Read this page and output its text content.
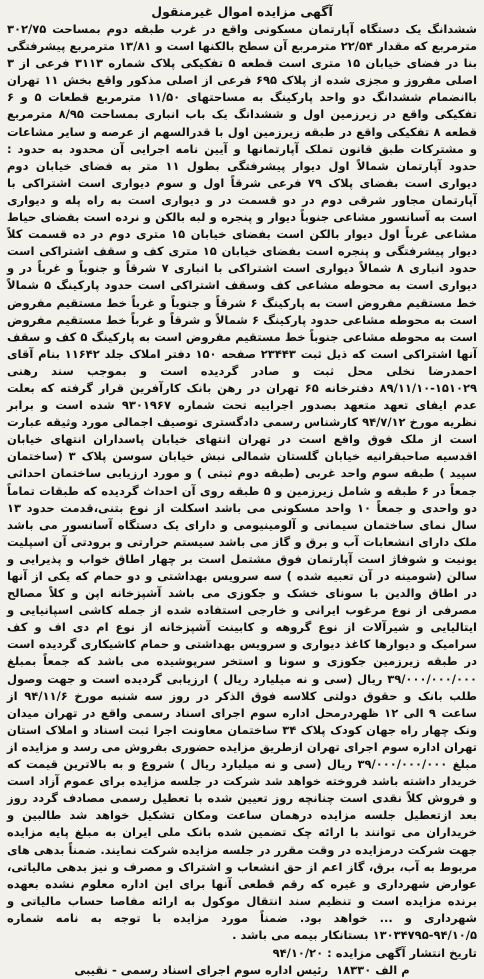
آگهی مزایده اموال غیرمنقول

ششدانگ یک دستگاه آپارتمان مسکونی واقع در غرب طبقه دوم بمساحت ۳۰۲/۷۵ مترمربع که مقدار ۲۲/۵۴ مترمربع آن سطح بالکنها است و ۱۳/۸۱ مترمربع پیشرفتگی بنا در فضای خیابان ۱۵ متری است قطعه ۵ تفکیکی پلاک شماره ۳۱۱۳ فرعی از ۳ اصلی مفروز و مجزی شده از پلاک ۶۹۵ فرعی از اصلی مذکور واقع بخش ۱۱ تهران باانضمام ششدانگ دو واحد پارکینگ به مساحتهای ۱۱/۵۰ مترمربع قطعات ۵ و ۶ تفکیکی واقع در زیرزمین اول و ششدانگ یک باب انباری بمساحت ۸/۹۵ مترمربع قطعه ۸ تفکیکی واقع در طبقه زیرزمین اول با قدرالسهم از عرصه و سایر مشاعات و مشترکات طبق قانون تملک آپارتمانها و آیین نامه اجرایی آن محدود به حدود : حدود آپارتمان شمالاً اول دیوار پیشرفتگی بطول ۱۱ متر به فضای خیابان دوم دیواری است بفضای پلاک ۷۹ فرعی شرقاً اول و سوم دیواری است اشتراکی با آپارتمان مجاور شرقی دوم در دو قسمت در و دیواری است به راه پله و دیواری است به آسانسور مشاعی جنوباً دیوار و پنجره و لبه بالکن و نرده است بفضای حیاط مشاعی غرباً اول دیوار بالکن است بفضای خیابان ۱۵ متری دوم در ده قسمت کلاً دیوار پیشرفتگی و پنجره است بفضای خیابان ۱۵ متری کف و سقف اشتراکی است حدود انباری ۸ شمالاً دیواری است اشتراکی با انباری ۷ شرقاً و جنوباً و غرباً در و دیواری است به محوطه مشاعی کف وسقف اشتراکی است حدود پارکینگ ۵ شمالاً خط مستقیم مفروض است به پارکینگ ۶ شرقاً و جنوباً و غرباً خط مستقیم مفروض است به محوطه مشاعی حدود پارکینگ ۶ شمالاً و شرقاً و غرباً خط مستقیم مفروض است به محوطه مشاعی جنوباً خط مستقیم مفروض است به پارکینگ ۵ کف و سقف آنها اشتراکی است که ذیل ثبت ۲۳۴۴۳ صفحه ۱۵۰ دفتر املاک جلد ۱۱۶۴۲ بنام آقای احمدرضا نخلی محل ثبت و صادر گردیده است و بموجب سند رهنی ۱۵۱۰۲۹-۸۹/۱۱/۱۰ دفترخانه ۶۵ تهران در رهن بانک کارآفرین قرار گرفته که بعلت عدم ایفای تعهد متعهد بصدور اجراییه تحت شماره ۹۳۰۱۹۶۷ شده است و برابر نظریه مورخ ۹۴/۷/۱۲ کارشناس رسمی دادگستری توصیف اجمالی مورد وثیقه عبارت است از ملک فوق واقع است در تهران انتهای خیابان پاسداران انتهای خیابان اقدسیه صاحبقرانیه خیابان گلستان شمالی نبش خیابان سوسن پلاک ۳ (ساختمان سپید ) طبقه سوم واحد غربی (طبقه دوم ثبتی ) و مورد ارزیابی ساختمان احداثی جمعاً در ۶ طبقه و شامل زیرزمین و ۵ طبقه روی آن احداث گردیده که طبقات تماماً دو واحدی و جمعاً ۱۰ واحد مسکونی می باشد اسکلت از نوع بتنی،قدمت حدود ۱۳ سال نمای ساختمان سیمانی و آلومینیومی و دارای یک دستگاه آسانسور می باشد ملک دارای انشعابات آب و برق و گاز می باشد سیستم حرارتی و برودتی آن اسپلیت یونیت و شوفاژ است آپارتمان فوق مشتمل است بر چهار اطاق خواب و پذیرایی و سالن (شومینه در آن تعبیه شده ) سه سرویس بهداشتی و دو حمام که یکی از آنها در اطاق والدین با سونای خشک و جکوزی می باشد آشپزخانه اپن و کلاً مصالح مصرفی از نوع مرغوب ایرانی و خارجی استفاده شده از جمله کاشی اسپانیایی و ایتالیایی و شیرآلات از نوع گروهه و کابینت آشپزخانه از نوع ام دی اف و کف سرامیک و دیوارها کاغذ دیواری و سرویس بهداشتی و حمام کاشیکاری گردیده است در طبقه زیرزمین جکوزی و سونا و استخر سرپوشیده می باشد که جمعاً بمبلغ ۳۹/۰۰۰/۰۰۰/۰۰۰ ریال (سی و نه میلیارد ریال ) ارزیابی گردیده است و جهت وصول طلب بانک و حقوق دولتی کلاسه فوق الذکر در روز سه شنبه مورخ ۹۴/۱۱/۶ از ساعت ۹ الی ۱۲ ظهردرمحل اداره سوم اجرای اسناد رسمی واقع در تهران میدان ونک چهار راه جهان کودک پلاک ۳۴ ساختمان معاونت اجرا ثبت اسناد و املاک استان تهران اداره سوم اجرای تهران ازطریق مزایده حضوری بفروش می رسد و مزایده از مبلغ ۳۹/۰۰۰/۰۰۰/۰۰۰ ریال (سی و نه میلیارد ریال ) شروع و به بالاترین قیمت که خریدار داشته باشد فروخته خواهد شد شرکت در جلسه مزایده برای عموم آزاد است و فروش کلاً نقدی است چنانچه روز تعیین شده با تعطیل رسمی مصادف گردد روز بعد ازتعطیل جلسه مزایده درهمان ساعت ومکان تشکیل خواهد شد طالبین و خریداران می توانند با ارائه چک تضمین شده بانک ملی ایران به مبلغ پایه مزایده جهت شرکت درمزایده در وقت مقرر در جلسه مزایده شرکت نمایند. ضمناً بدهی های مربوط به آب، برق، گاز اعم از حق انشعاب و اشتراک و مصرف و نیز بدهی مالیاتی، عوارض شهرداری و غیره که رقم قطعی آنها برای این اداره معلوم نشده بعهده برنده مزایده است و تنظیم سند انتقال موکول به ارائه مفاصا حساب مالیاتی و شهرداری و ... خواهد بود. ضمناً مورد مزایده با توجه به نامه شماره ۹۴/۱۰/۵-۱۳۰۳۴۷۹۵ بستانکار بیمه می باشد .

تاریخ انتشار آگهی مزایده : ۹۴/۱۰/۲۰
م الف ۱۸۳۳۰ رئیس اداره سوم اجرای اسناد رسمی - نقیبی
